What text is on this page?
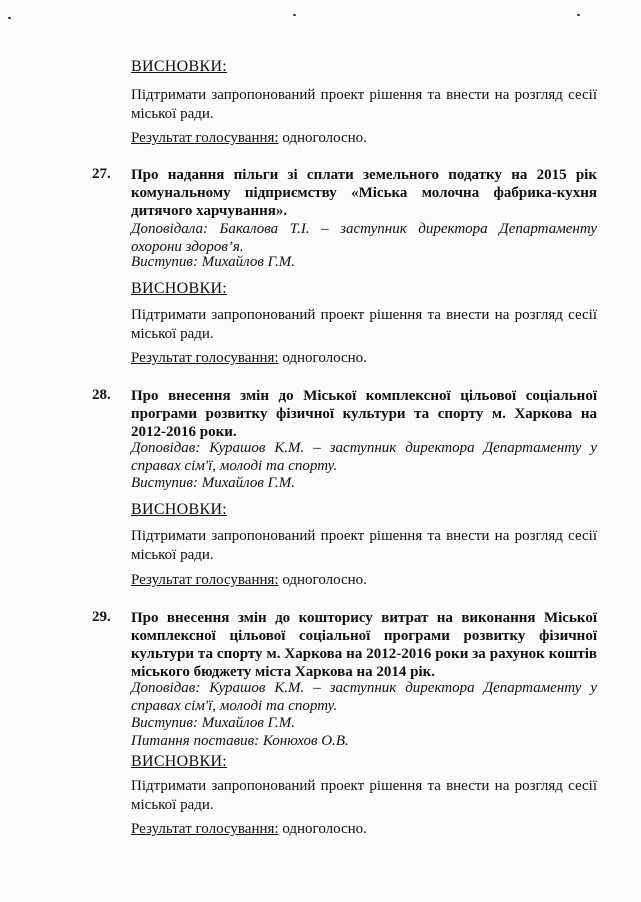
ВИСНОВКИ:
Підтримати запропонований проект рішення та внести на розгляд сесії міської ради.
Результат голосування: одноголосно.
27. Про надання пільги зі сплати земельного податку на 2015 рік комунальному підприємству «Міська молочна фабрика-кухня дитячого харчування».
Доповідала: Бакалова Т.І. – заступник директора Департаменту охорони здоров’я.
Виступив: Михайлов Г.М.
ВИСНОВКИ:
Підтримати запропонований проект рішення та внести на розгляд сесії міської ради.
Результат голосування: одноголосно.
28. Про внесення змін до Міської комплексної цільової соціальної програми розвитку фізичної культури та спорту м. Харкова на 2012-2016 роки.
Доповідав: Курашов К.М. – заступник директора Департаменту у справах сім'ї, молоді та спорту.
Виступив: Михайлов Г.М.
ВИСНОВКИ:
Підтримати запропонований проект рішення та внести на розгляд сесії міської ради.
Результат голосування: одноголосно.
29. Про внесення змін до кошторису витрат на виконання Міської комплексної цільової соціальної програми розвитку фізичної культури та спорту м. Харкова на 2012-2016 роки за рахунок коштів міського бюджету міста Харкова на 2014 рік.
Доповідав: Курашов К.М. – заступник директора Департаменту у справах сім'ї, молоді та спорту.
Виступив: Михайлов Г.М.
Питання поставив: Конюхов О.В.
ВИСНОВКИ:
Підтримати запропонований проект рішення та внести на розгляд сесії міської ради.
Результат голосування: одноголосно.
